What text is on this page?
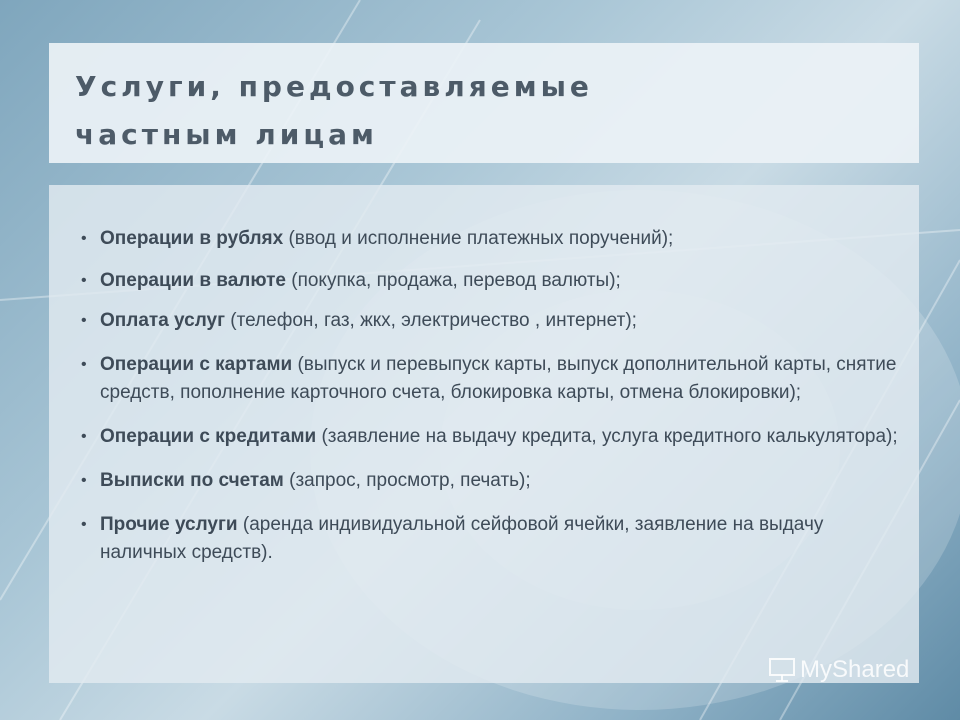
Услуги, предоставляемые
частным лицам
• Операции в рублях (ввод и исполнение платежных поручений);
• Операции в валюте (покупка, продажа, перевод валюты);
• Оплата услуг (телефон, газ, жкх, электричество , интернет);
• Операции с картами (выпуск и перевыпуск карты, выпуск дополнительной карты, снятие средств, пополнение карточного счета, блокировка карты, отмена блокировки);
• Операции с кредитами (заявление на выдачу кредита, услуга кредитного калькулятора);
• Выписки по счетам (запрос, просмотр, печать);
• Прочие услуги (аренда индивидуальной сейфовой ячейки, заявление на выдачу наличных средств).
MyShared
